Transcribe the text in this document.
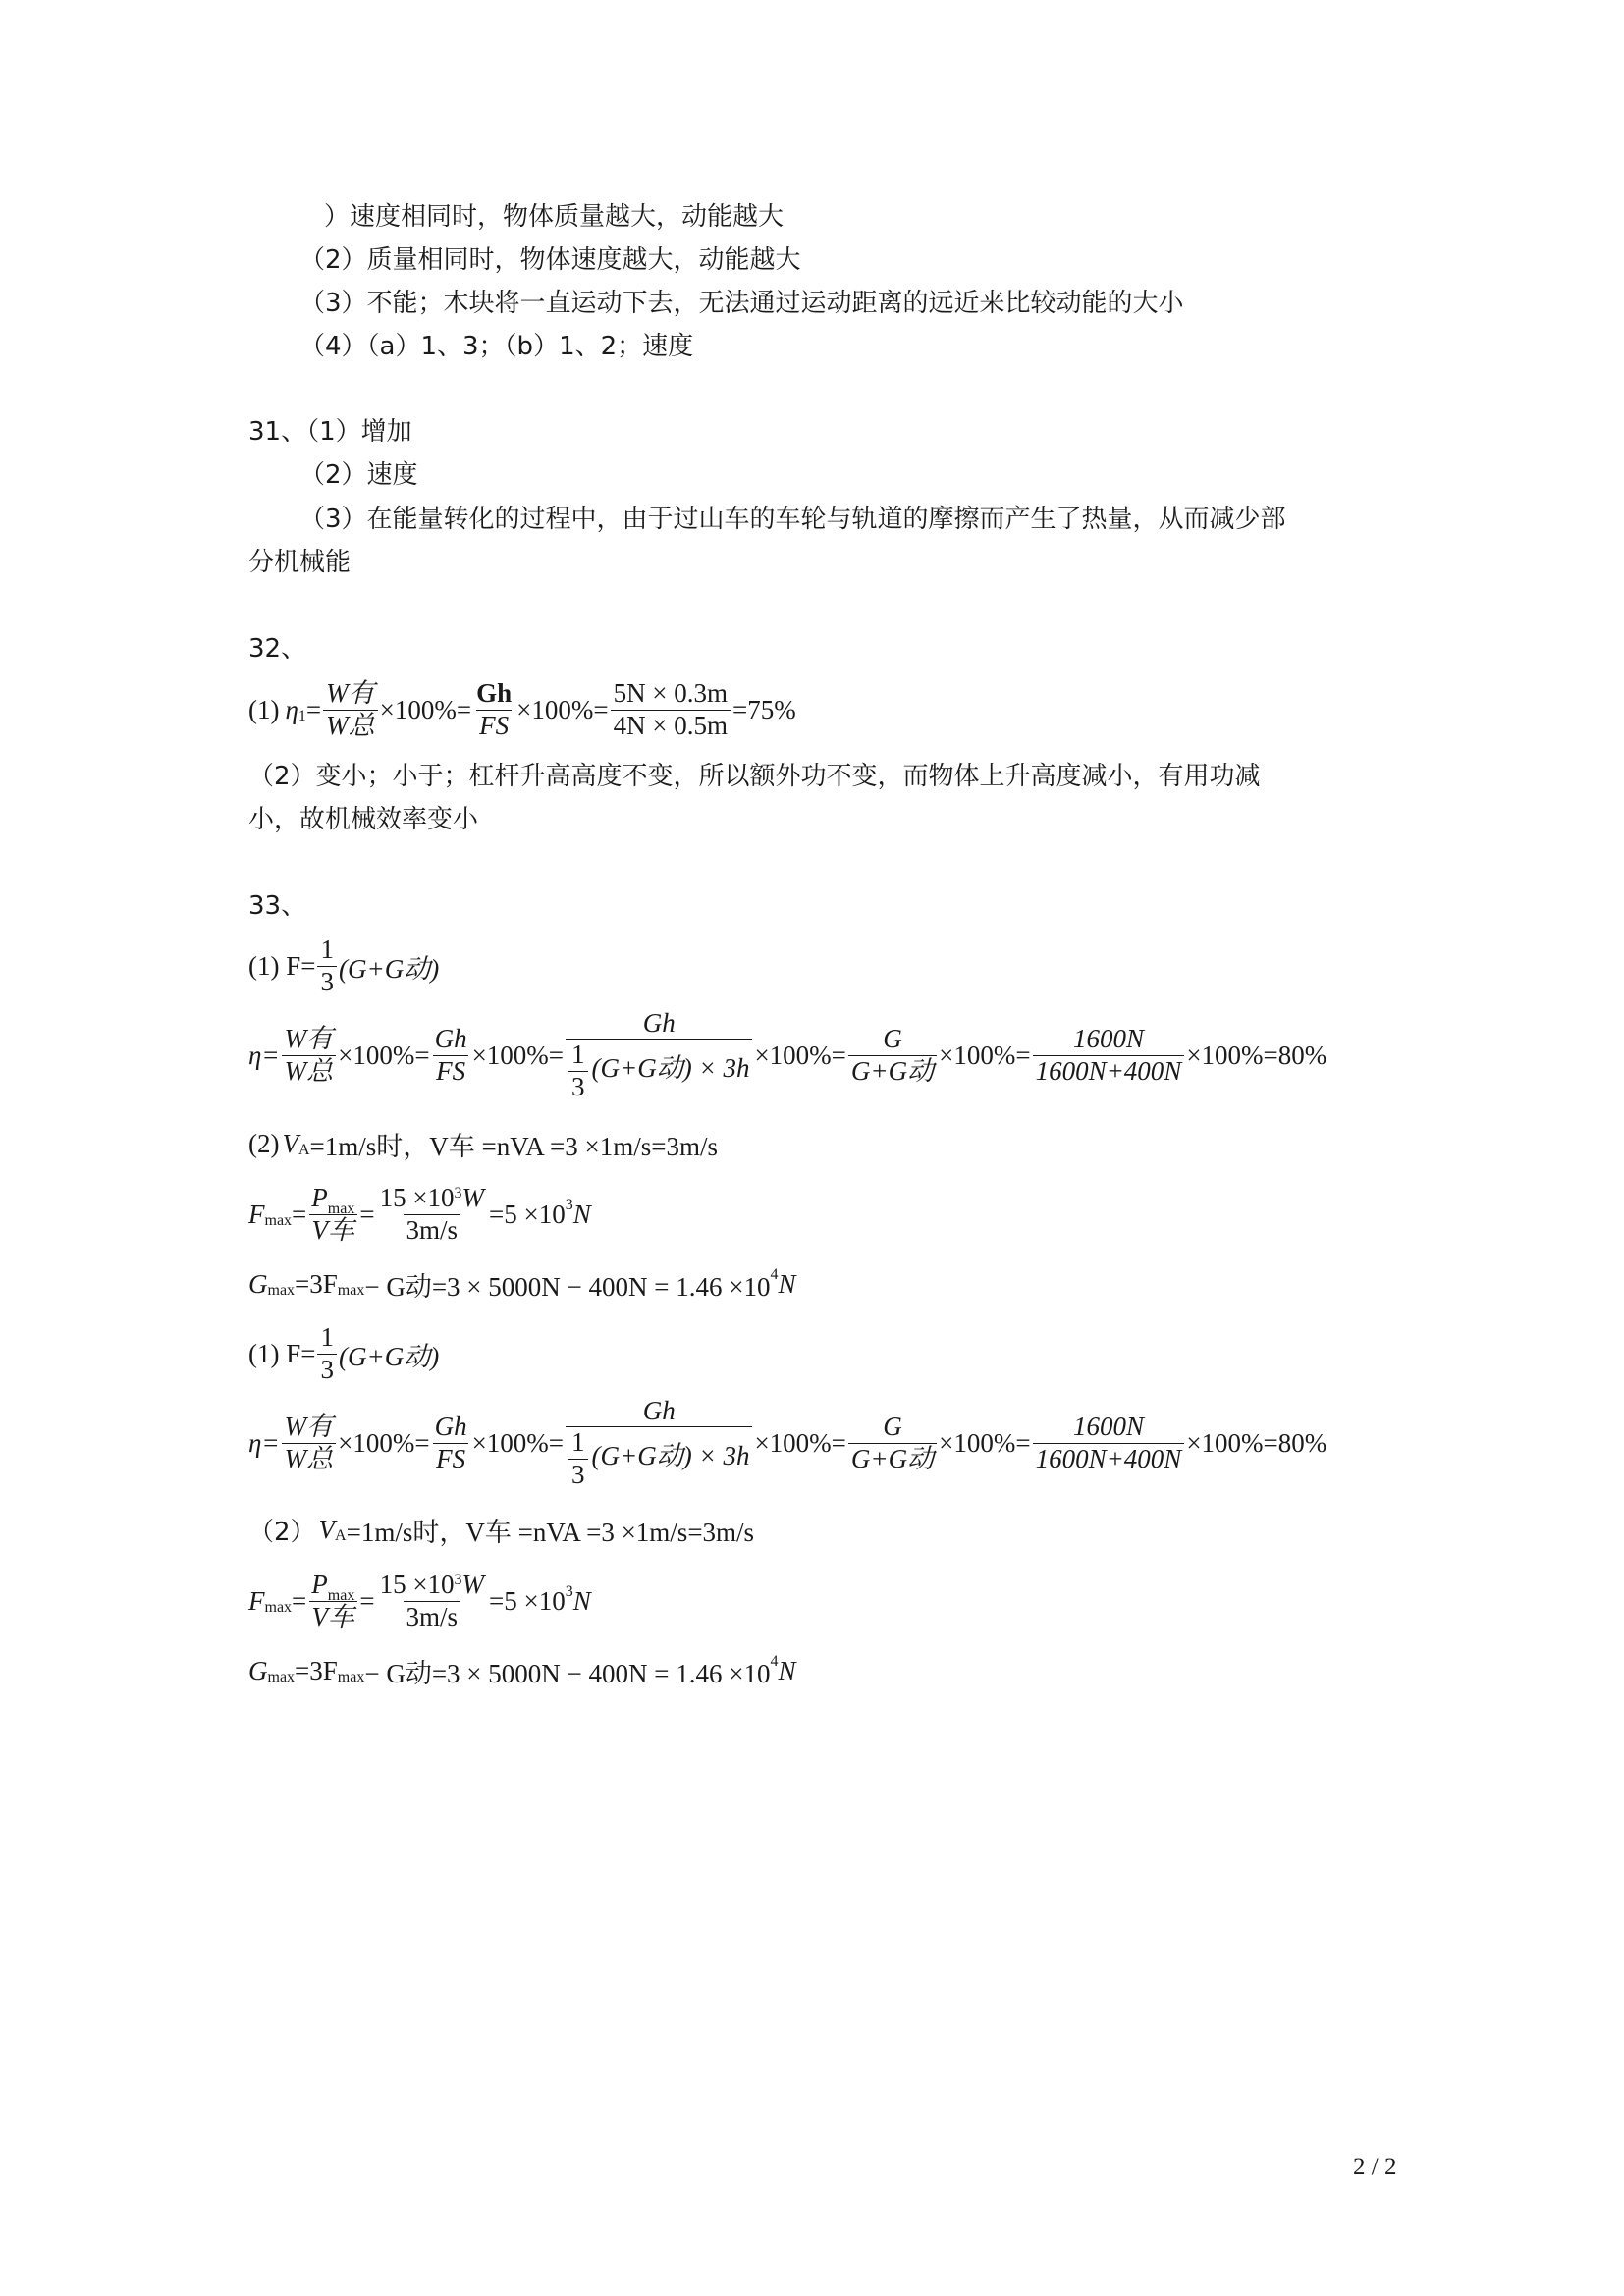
）速度相同时，物体质量越大，动能越大
（2）质量相同时，物体速度越大，动能越大
（3）不能；木块将一直运动下去，无法通过运动距离的远近来比较动能的大小
（4）（a）1、3；（b）1、2；速度
31、（1）增加
（2）速度
（3）在能量转化的过程中，由于过山车的车轮与轨道的摩擦而产生了热量，从而减少部
分机械能
32、
(1) η $1 = \frac{\text{W有}}{\text{W总}} \times 100\%= \frac{Gh}{FS} \times 100\%= \frac{5N \times 0.3m}{4N \times 0.5m} =75\%$
（2）变小；小于；杠杆升高高度不变，所以额外功不变，而物体上升高度减小，有用功减
小，故机械效率变小
33、
(1) $F= \frac{1}{3} (G+G$动)
$\eta= \frac{\text{W有}}{\text{W总}} \times 100\%= \frac{Gh}{FS} \times 100\%= \frac{Gh}{\frac{1}{3} (G+G动) \times 3h} \times 100\%= \frac{G}{\text{G+G动}} \times 100\%= \frac{1600N}{1600N+400N} \times 100\%=80\%$
(2) V A =1m/s时，V车 =nVA =3 ×1m/s=3m/s
F $\max = \frac{P_{max}}{\text{V车}} = \frac{15 \times 10^3W}{3m/s} =5 \times 10$ 3 N
G max =3F max − G动=3 × 5000N − 400N = 1.46 ×10 4 N
(1) $F= \frac{1}{3} (G+G$动)
$\eta= \frac{\text{W有}}{\text{W总}} \times 100\%= \frac{Gh}{FS} \times 100\%= \frac{Gh}{\frac{1}{3} (G+G动) \times 3h} \times 100\%= \frac{G}{\text{G+G动}} \times 100\%= \frac{1600N}{1600N+400N} \times 100\%=80\%$
（2） V A =1m/s时，V车 =nVA =3 ×1m/s=3m/s
F $\max = \frac{P_{max}}{\text{V车}} = \frac{15 \times 10^3W}{3m/s} =5 \times 10$ 3 N
G max =3F max − G动=3 × 5000N − 400N = 1.46 ×10 4 N
2 / 2
